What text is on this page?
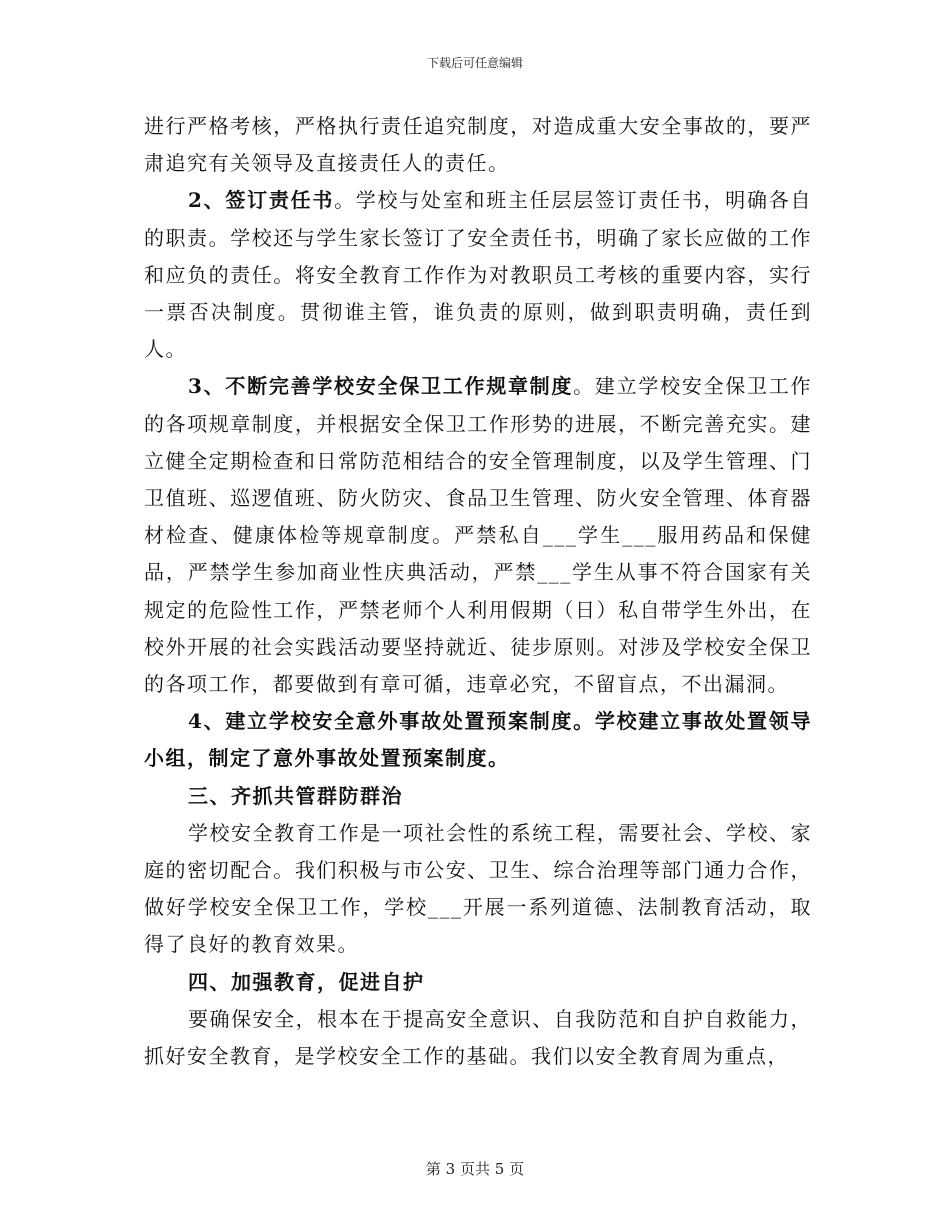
下载后可任意编辑

进行严格考核，严格执行责任追究制度，对造成重大安全事故的，要严肃追究有关领导及直接责任人的责任。

2、签订责任书。学校与处室和班主任层层签订责任书，明确各自的职责。学校还与学生家长签订了安全责任书，明确了家长应做的工作和应负的责任。将安全教育工作作为对教职员工考核的重要内容，实行一票否决制度。贯彻谁主管，谁负责的原则，做到职责明确，责任到人。

3、不断完善学校安全保卫工作规章制度。建立学校安全保卫工作的各项规章制度，并根据安全保卫工作形势的进展，不断完善充实。建立健全定期检查和日常防范相结合的安全管理制度，以及学生管理、门卫值班、巡逻值班、防火防灾、食品卫生管理、防火安全管理、体育器材检查、健康体检等规章制度。严禁私自___学生___服用药品和保健品，严禁学生参加商业性庆典活动，严禁___学生从事不符合国家有关规定的危险性工作，严禁老师个人利用假期（日）私自带学生外出，在校外开展的社会实践活动要坚持就近、徒步原则。对涉及学校安全保卫的各项工作，都要做到有章可循，违章必究，不留盲点，不出漏洞。

4、建立学校安全意外事故处置预案制度。学校建立事故处置领导小组，制定了意外事故处置预案制度。

三、齐抓共管群防群治

学校安全教育工作是一项社会性的系统工程，需要社会、学校、家庭的密切配合。我们积极与市公安、卫生、综合治理等部门通力合作，做好学校安全保卫工作，学校___开展一系列道德、法制教育活动，取得了良好的教育效果。

四、加强教育，促进自护

要确保安全，根本在于提高安全意识、自我防范和自护自救能力，抓好安全教育，是学校安全工作的基础。我们以安全教育周为重点，

第 3 页共 5 页
